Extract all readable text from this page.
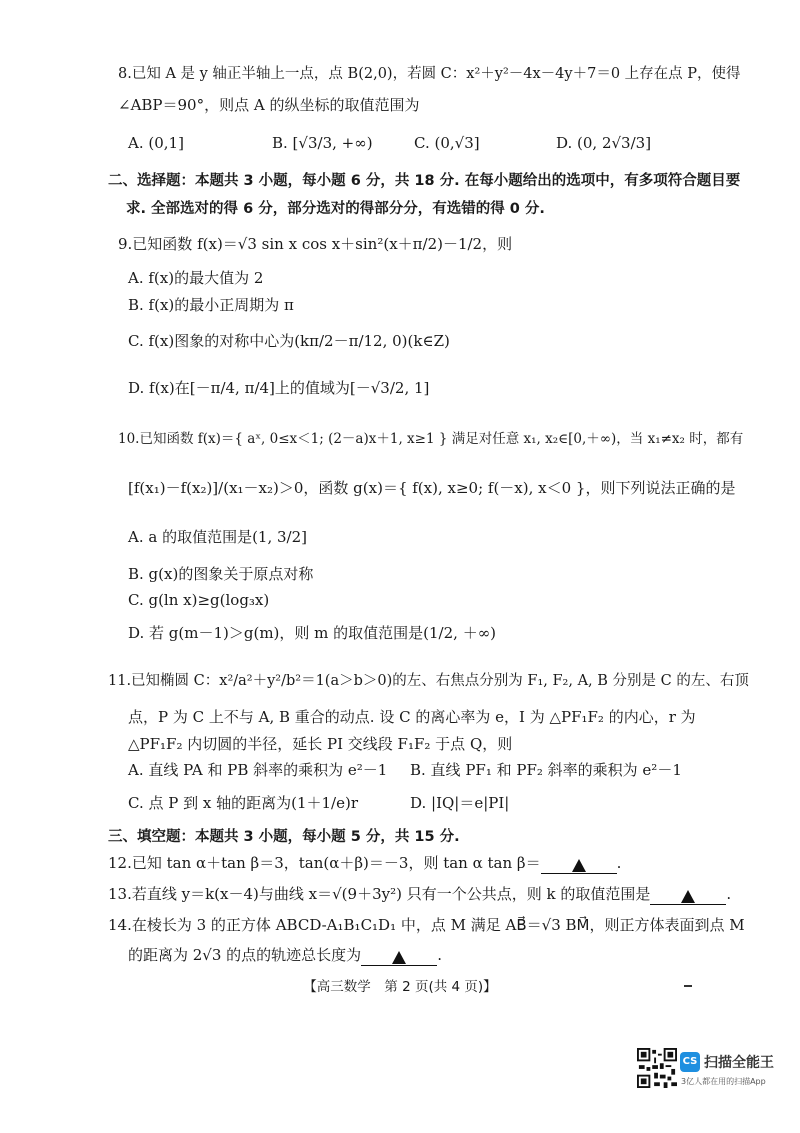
8.已知 A 是 y 轴正半轴上一点，点 B(2,0)，若圆 C：x²＋y²－4x－4y＋7＝0 上存在点 P，使得
∠ABP＝90°，则点 A 的纵坐标的取值范围为
A. (0,1]	B. [√3/3, +∞)	C. (0,√3]	D. (0, 2√3/3]
二、选择题：本题共 3 小题，每小题 6 分，共 18 分. 在每小题给出的选项中，有多项符合题目要
求. 全部选对的得 6 分，部分选对的得部分分，有选错的得 0 分.
9.已知函数 f(x)＝√3 sin x cos x＋sin²(x＋π/2)－1/2，则
A. f(x)的最大值为 2
B. f(x)的最小正周期为 π
C. f(x)图象的对称中心为(kπ/2－π/12, 0)(k∈Z)
D. f(x)在[－π/4, π/4]上的值域为[－√3/2, 1]
10.已知函数 f(x)＝{ aˣ, 0≤x＜1; (2－a)x＋1, x≥1 } 满足对任意 x₁, x₂∈[0,＋∞)，当 x₁≠x₂ 时，都有
[f(x₁)－f(x₂)]/(x₁－x₂)＞0，函数 g(x)＝{ f(x), x≥0; f(－x), x＜0 }，则下列说法正确的是
A. a 的取值范围是(1, 3/2]
B. g(x)的图象关于原点对称
C. g(ln x)≥g(log₃x)
D. 若 g(m－1)＞g(m)，则 m 的取值范围是(1/2, ＋∞)
11.已知椭圆 C：x²/a²＋y²/b²＝1(a＞b＞0)的左、右焦点分别为 F₁, F₂, A, B 分别是 C 的左、右顶
点，P 为 C 上不与 A, B 重合的动点. 设 C 的离心率为 e，I 为 △PF₁F₂ 的内心，r 为
△PF₁F₂ 内切圆的半径，延长 PI 交线段 F₁F₂ 于点 Q，则
A. 直线 PA 和 PB 斜率的乘积为 e²－1 B. 直线 PF₁ 和 PF₂ 斜率的乘积为 e²－1
C. 点 P 到 x 轴的距离为(1＋1/e)r	D. |IQ|＝e|PI|
三、填空题：本题共 3 小题，每小题 5 分，共 15 分.
12.已知 tan α＋tan β＝3，tan(α＋β)＝－3，则 tan α tan β＝	.
13.若直线 y＝k(x－4)与曲线 x＝√(9＋3y²) 只有一个公共点，则 k 的取值范围是	.
14.在棱长为 3 的正方体 ABCD-A₁B₁C₁D₁ 中，点 M 满足 AB⃗＝√3 BM⃗，则正方体表面到点 M
的距离为 2√3 的点的轨迹总长度为	.
【高三数学　第 2 页(共 4 页)】
CS 扫描全能王
3亿人都在用的扫描App
